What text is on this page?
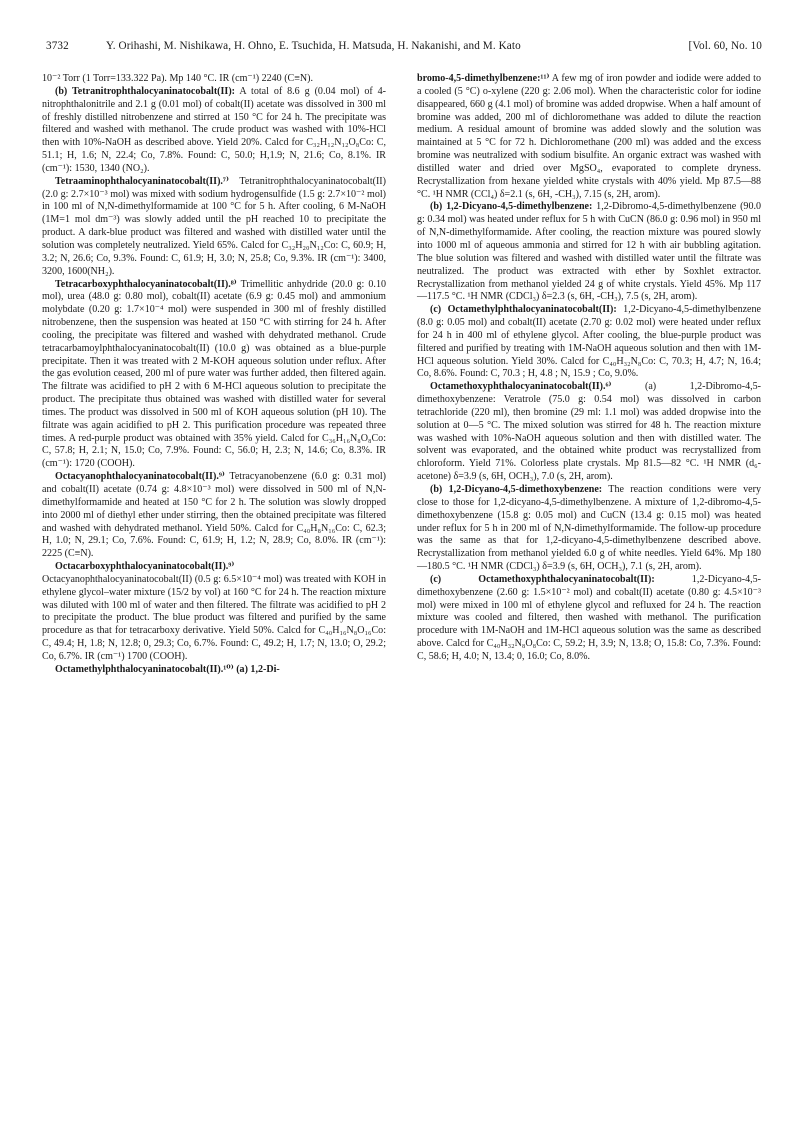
3732	Y. Orihashi, M. Nishikawa, H. Ohno, E. Tsuchida, H. Matsuda, H. Nakanishi, and M. Kato	[Vol. 60, No. 10

10⁻² Torr (1 Torr=133.322 Pa). Mp 140 °C. IR (cm⁻¹) 2240 (C≡N).

(b) Tetranitrophthalocyaninatocobalt(II): A total of 8.6 g (0.04 mol) of 4-nitrophthalonitrile and 2.1 g (0.01 mol) of cobalt(II) acetate was dissolved in 300 ml of freshly distilled nitrobenzene and stirred at 150 °C for 24 h. The precipitate was filtered and washed with methanol. The crude product was washed with 10%-HCl then with 10%-NaOH as described above. Yield 20%. Calcd for C₃₂H₁₂N₁₂O₈Co: C, 51.1; H, 1.6; N, 22.4; Co, 7.8%. Found: C, 50.0; H,1.9; N, 21.6; Co, 8.1%. IR (cm⁻¹): 1530, 1340 (NO₂).

Tetraaminophthalocyaninatocobalt(II).⁷⁾ Tetranitrophthalocyaninatocobalt(II) (2.0 g: 2.7×10⁻³ mol) was mixed with sodium hydrogensulfide (1.5 g: 2.7×10⁻² mol) in 100 ml of N,N-dimethylformamide at 100 °C for 5 h. After cooling, 6 M-NaOH (1M=1 mol dm⁻³) was slowly added until the pH reached 10 to precipitate the product. A dark-blue product was filtered and washed with distilled water until the solution was completely neutralized. Yield 65%. Calcd for C₃₂H₂₀N₁₂Co: C, 60.9; H, 3.2; N, 26.6; Co, 9.3%. Found: C, 61.9; H, 3.0; N, 25.8; Co, 9.3%. IR (cm⁻¹): 3400, 3200, 1600(NH₂).

Tetracarboxyphthalocyaninatocobalt(II).⁸⁾ Trimellitic anhydride (20.0 g: 0.10 mol), urea (48.0 g: 0.80 mol), cobalt(II) acetate (6.9 g: 0.45 mol) and ammonium molybdate (0.20 g: 1.7×10⁻⁴ mol) were suspended in 300 ml of freshly distilled nitrobenzene, then the suspension was heated at 150 °C with stirring for 24 h. After cooling, the precipitate was filtered and washed with dehydrated methanol. Crude tetracarbamoylphthalocyaninatocobalt(II) (10.0 g) was obtained as a blue-purple precipitate. Then it was treated with 2 M-KOH aqueous solution under reflux. After the gas evolution ceased, 200 ml of pure water was further added, then filtered again. The filtrate was acidified to pH 2 with 6 M-HCl aqueous solution to precipitate the product. The precipitate thus obtained was washed with distilled water for several times. The product was dissolved in 500 ml of KOH aqueous solution (pH 10). The filtrate was again acidified to pH 2. This purification procedure was repeated three times. A red-purple product was obtained with 35% yield. Calcd for C₃₆H₁₆N₈O₈Co: C, 57.8; H, 2.1; N, 15.0; Co, 7.9%. Found: C, 56.0; H, 2.3; N, 14.6; Co, 8.3%. IR (cm⁻¹): 1720 (COOH).

Octacyanophthalocyaninatocobalt(II).⁹⁾ Tetracyanobenzene (6.0 g: 0.31 mol) and cobalt(II) acetate (0.74 g: 4.8×10⁻³ mol) were dissolved in 500 ml of N,N-dimethylformamide and heated at 150 °C for 2 h. The solution was slowly dropped into 2000 ml of diethyl ether under stirring, then the obtained precipitate was filtered and washed with dehydrated methanol. Yield 50%. Calcd for C₄₀H₈N₁₆Co: C, 62.3; H, 1.0; N, 29.1; Co, 7.6%. Found: C, 61.9; H, 1.2; N, 28.9; Co, 8.0%. IR (cm⁻¹): 2225 (C≡N).

Octacarboxyphthalocyaninatocobalt(II).⁹⁾ Octacyanophthalocyaninatocobalt(II) (0.5 g: 6.5×10⁻⁴ mol) was treated with KOH in ethylene glycol–water mixture (15/2 by vol) at 160 °C for 24 h. The reaction mixture was diluted with 100 ml of water and then filtered. The filtrate was acidified to pH 2 to precipitate the product. The blue product was filtered and purified by the same procedure as that for tetracarboxy derivative. Yield 50%. Calcd for C₄₀H₁₆N₈O₁₆Co: C, 49.4; H, 1.8; N, 12.8; 0, 29.3; Co, 6.7%. Found: C, 49.2; H, 1.7; N, 13.0; O, 29.2; Co, 6.7%. IR (cm⁻¹) 1700 (COOH).

Octamethylphthalocyaninatocobalt(II).¹⁰⁾ (a) 1,2-Di-

bromo-4,5-dimethylbenzene:¹¹⁾ A few mg of iron powder and iodide were added to a cooled (5 °C) o-xylene (220 g: 2.06 mol). When the characteristic color for iodine disappeared, 660 g (4.1 mol) of bromine was added dropwise. When a half amount of bromine was added, 200 ml of dichloromethane was added to dilute the reaction medium. A residual amount of bromine was added slowly and the solution was maintained at 5 °C for 72 h. Dichloromethane (200 ml) was added and the excess bromine was neutralized with sodium bisulfite. An organic extract was washed with distilled water and dried over MgSO₄, evaporated to complete dryness. Recrystallization from hexane yielded white crystals with 40% yield. Mp 87.5—88 °C. ¹H NMR (CCl₄) δ=2.1 (s, 6H, -CH₃), 7.15 (s, 2H, arom).

(b) 1,2-Dicyano-4,5-dimethylbenzene: 1,2-Dibromo-4,5-dimethylbenzene (90.0 g: 0.34 mol) was heated under reflux for 5 h with CuCN (86.0 g: 0.96 mol) in 950 ml of N,N-dimethylformamide. After cooling, the reaction mixture was poured slowly into 1000 ml of aqueous ammonia and stirred for 12 h with air bubbling agitation. The blue solution was filtered and washed with distilled water until the filtrate was neutralized. The product was extracted with ether by Soxhlet extractor. Recrystallization from methanol yielded 24 g of white crystals. Yield 45%. Mp 117—117.5 °C. ¹H NMR (CDCl₃) δ=2.3 (s, 6H, -CH₃), 7.5 (s, 2H, arom).

(c) Octamethylphthalocyaninatocobalt(II): 1,2-Dicyano-4,5-dimethylbenzene (8.0 g: 0.05 mol) and cobalt(II) acetate (2.70 g: 0.02 mol) were heated under reflux for 24 h in 400 ml of ethylene glycol. After cooling, the blue-purple product was filtered and purified by treating with 1M-NaOH aqueous solution and then with 1M-HCl aqueous solution. Yield 30%. Calcd for C₄₀H₃₂N₈Co: C, 70.3; H, 4.7; N, 16.4; Co, 8.6%. Found: C, 70.3 ; H, 4.8 ; N, 15.9 ; Co, 9.0%.

Octamethoxyphthalocyaninatocobalt(II).⁶⁾ (a) 1,2-Dibromo-4,5-dimethoxybenzene: Veratrole (75.0 g: 0.54 mol) was dissolved in carbon tetrachloride (220 ml), then bromine (29 ml: 1.1 mol) was added dropwise into the solution at 0—5 °C. The mixed solution was stirred for 48 h. The reaction mixture was washed with 10%-NaOH aqueous solution and then with distilled water. The solvent was evaporated, and the obtained white product was recrystallized from chloroform. Yield 71%. Colorless plate crystals. Mp 81.5—82 °C. ¹H NMR (d₆-acetone) δ=3.9 (s, 6H, OCH₃), 7.0 (s, 2H, arom).

(b) 1,2-Dicyano-4,5-dimethoxybenzene: The reaction conditions were very close to those for 1,2-dicyano-4,5-dimethylbenzene. A mixture of 1,2-dibromo-4,5-dimethoxybenzene (15.8 g: 0.05 mol) and CuCN (13.4 g: 0.15 mol) was heated under reflux for 5 h in 200 ml of N,N-dimethylformamide. The follow-up procedure was the same as that for 1,2-dicyano-4,5-dimethylbenzene described above. Recrystallization from methanol yielded 6.0 g of white needles. Yield 64%. Mp 180—180.5 °C. ¹H NMR (CDCl₃) δ=3.9 (s, 6H, OCH₃), 7.1 (s, 2H, arom).

(c) Octamethoxyphthalocyaninatocobalt(II): 1,2-Dicyano-4,5-dimethoxybenzene (2.60 g: 1.5×10⁻² mol) and cobalt(II) acetate (0.80 g: 4.5×10⁻³ mol) were mixed in 100 ml of ethylene glycol and refluxed for 24 h. The reaction mixture was cooled and filtered, then washed with methanol. The purification procedure with 1M-NaOH and 1M-HCl aqueous solution was the same as described above. Calcd for C₄₀H₃₂N₈O₈Co: C, 59.2; H, 3.9; N, 13.8; O, 15.8: Co, 7.3%. Found: C, 58.6; H, 4.0; N, 13.4; 0, 16.0; Co, 8.0%.
